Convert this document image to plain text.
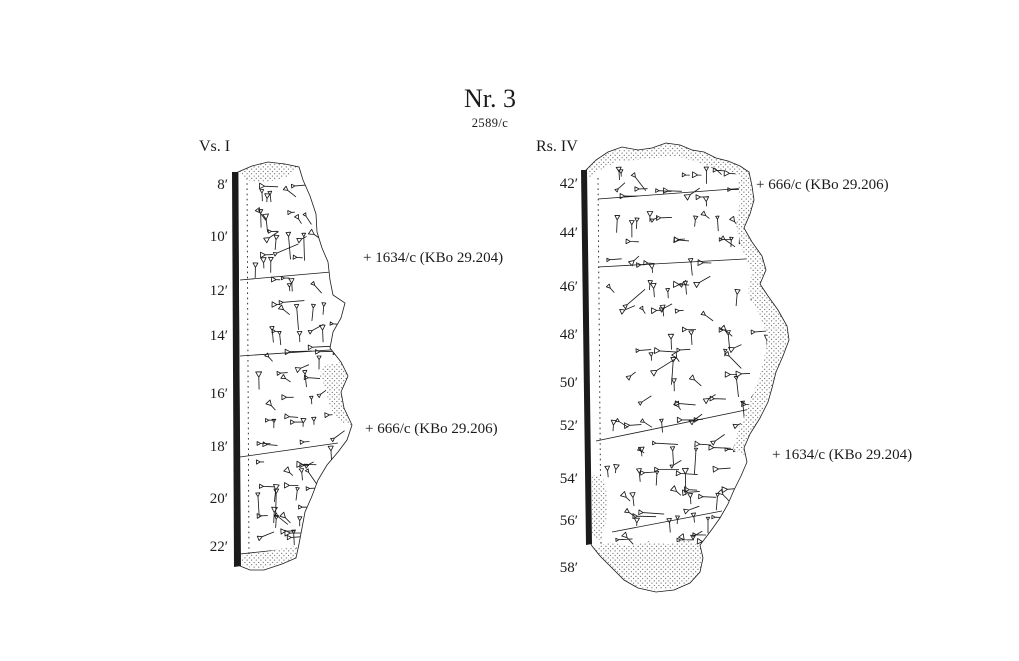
Nr. 3
2589/c
Vs. I	Rs. IV
8′
10′
12′
14′
16′
18′
20′
22′
42′
44′
46′
48′
50′
52′
54′
56′
58′
+ 1634/c (KBo 29.204)
+ 666/c (KBo 29.206)
+ 666/c (KBo 29.206)
+ 1634/c (KBo 29.204)
